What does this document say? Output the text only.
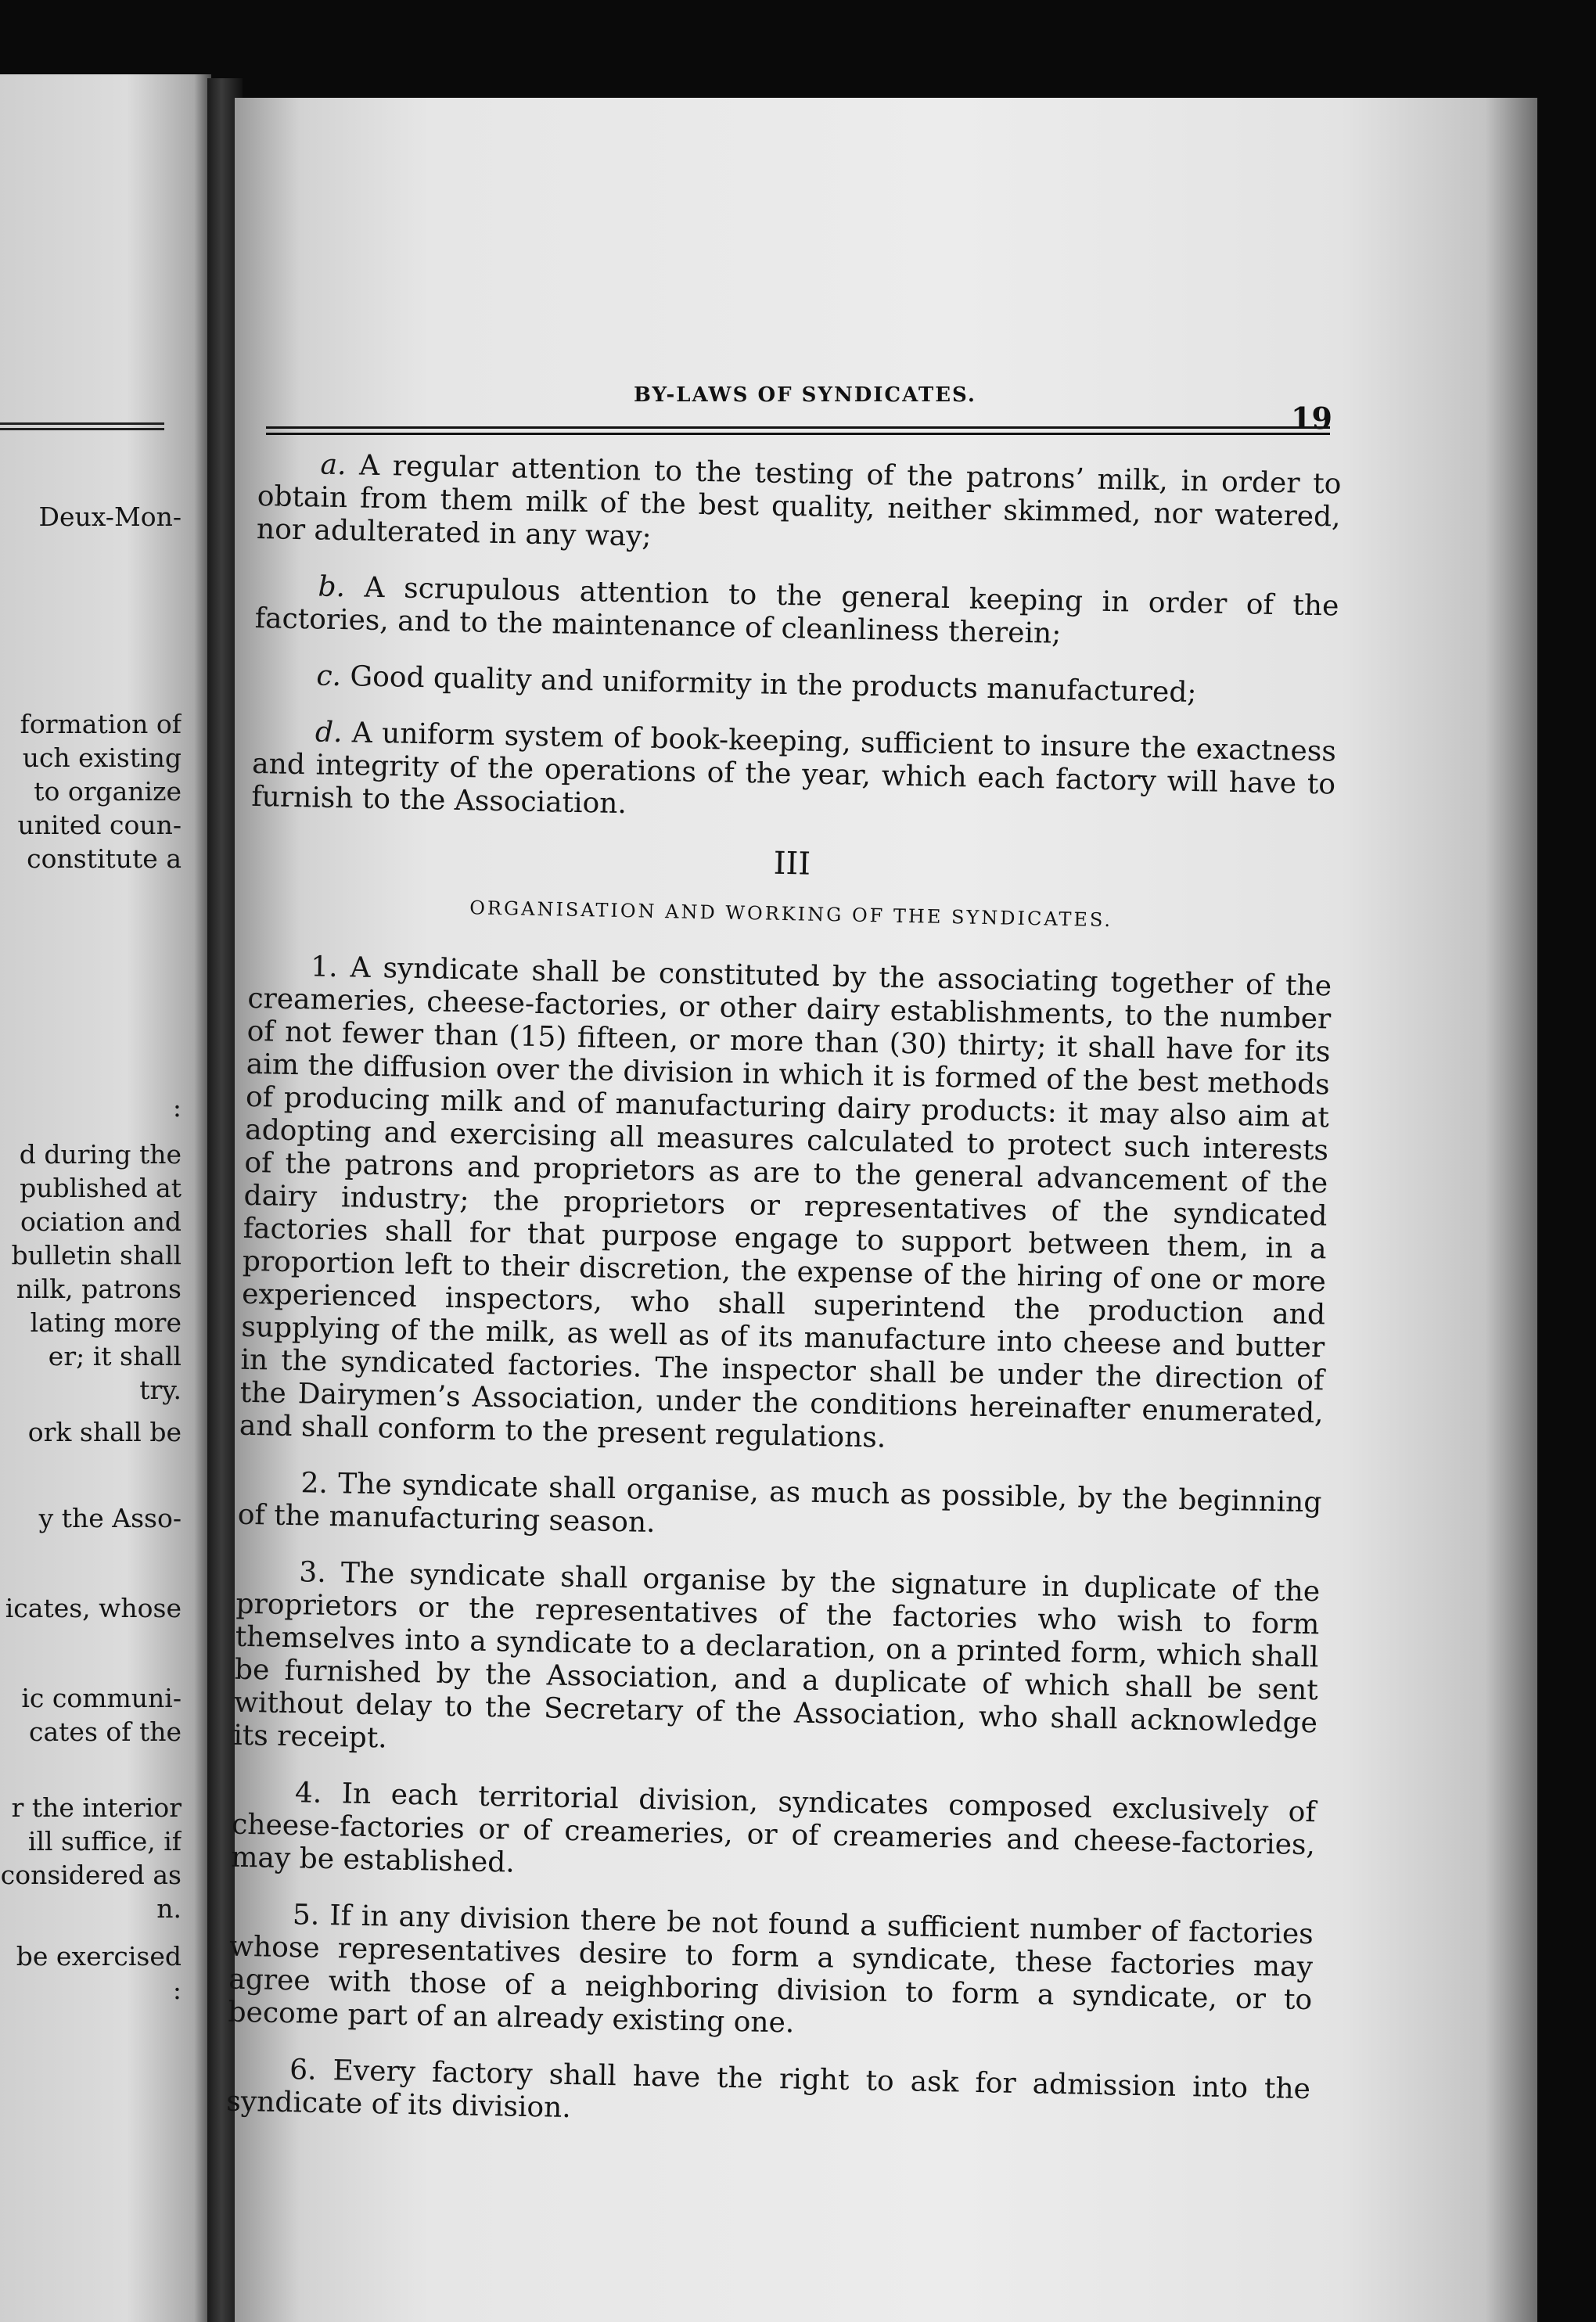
Deux-Mon-
formation of
uch existing
to organize
united coun-
constitute a
:
d during the
published at
ociation and
bulletin shall
nilk, patrons
lating more
er; it shall
try.
ork shall be
y the Asso-
icates, whose
ic communi-
cates of the
r the interior
ill suffice, if
considered as
n.
be exercised
:
BY-LAWS OF SYNDICATES.
19

a. A regular attention to the testing of the patrons’ milk, in order to obtain from them milk of the best quality, neither skimmed, nor watered, nor adulterated in any way;

b. A scrupulous attention to the general keeping in order of the factories, and to the maintenance of cleanliness therein;

c. Good quality and uniformity in the products manufactured;

d. A uniform system of book-keeping, sufficient to insure the exactness and integrity of the operations of the year, which each factory will have to furnish to the Association.

III
ORGANISATION AND WORKING OF THE SYNDICATES.

1. A syndicate shall be constituted by the associating together of the creameries, cheese-factories, or other dairy establishments, to the number of not fewer than (15) fifteen, or more than (30) thirty; it shall have for its aim the diffusion over the division in which it is formed of the best methods of producing milk and of manufacturing dairy products: it may also aim at adopting and exercising all measures calculated to protect such interests of the patrons and proprietors as are to the general advancement of the dairy industry; the proprietors or representatives of the syndicated factories shall for that purpose engage to support between them, in a proportion left to their discretion, the expense of the hiring of one or more experienced inspectors, who shall superintend the production and supplying of the milk, as well as of its manufacture into cheese and butter in the syndicated factories. The inspector shall be under the direction of the Dairymen’s Association, under the conditions hereinafter enumerated, and shall conform to the present regulations.

2. The syndicate shall organise, as much as possible, by the beginning of the manufacturing season.

3. The syndicate shall organise by the signature in duplicate of the proprietors or the representatives of the factories who wish to form themselves into a syndicate to a declaration, on a printed form, which shall be furnished by the Association, and a duplicate of which shall be sent without delay to the Secretary of the Association, who shall acknowledge its receipt.

4. In each territorial division, syndicates composed exclusively of cheese-factories or of creameries, or of creameries and cheese-factories, may be established.

5. If in any division there be not found a sufficient number of factories whose representatives desire to form a syndicate, these factories may agree with those of a neighboring division to form a syndicate, or to become part of an already existing one.

6. Every factory shall have the right to ask for admission into the syndicate of its division.
